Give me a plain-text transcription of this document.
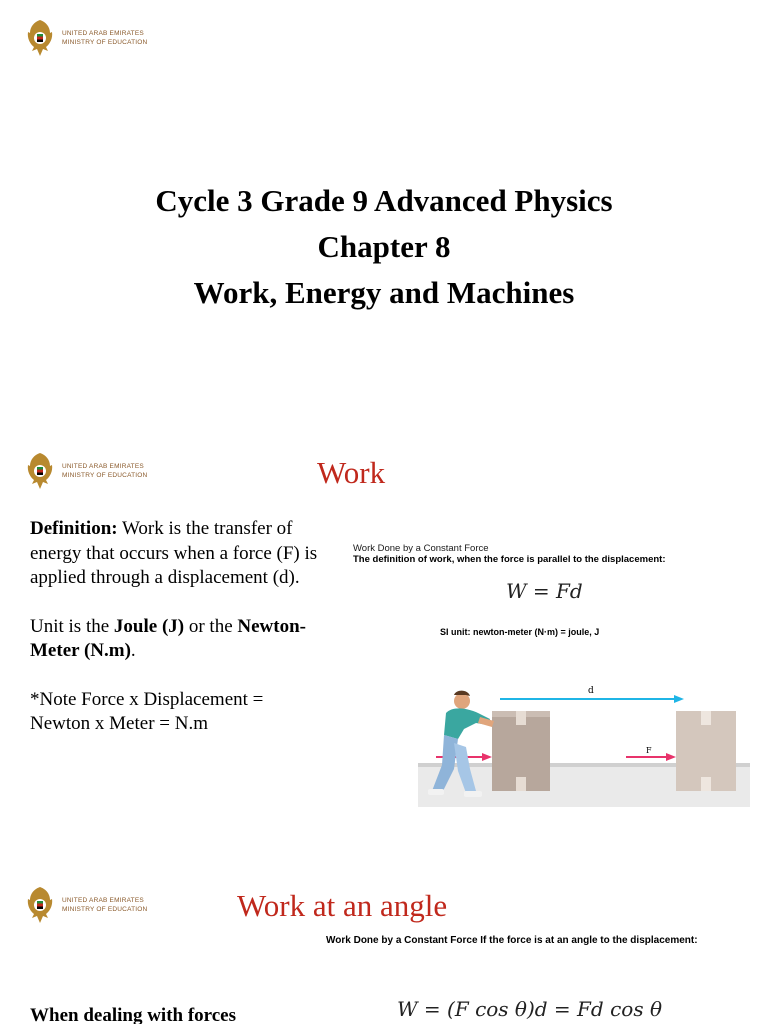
UNITED ARAB EMIRATES
MINISTRY OF EDUCATION
Cycle 3 Grade 9 Advanced Physics
Chapter 8
Work, Energy and Machines
UNITED ARAB EMIRATES
MINISTRY OF EDUCATION	Work

Definition: Work is the transfer of energy that occurs when a force (F) is applied through a displacement (d).

Unit is the Joule (J) or the Newton-Meter (N.m).

*Note Force x Displacement =
Newton x Meter = N.m

Work Done by a Constant Force
The definition of work, when the force is parallel to the displacement:
W = Fd
SI unit: newton-meter (N·m) = joule, J
d
F
UNITED ARAB EMIRATES
MINISTRY OF EDUCATION	Work at an angle
Work Done by a Constant Force If the force is at an angle to the displacement:
W = (F cos θ)d = Fd cos θ
When dealing with forces
